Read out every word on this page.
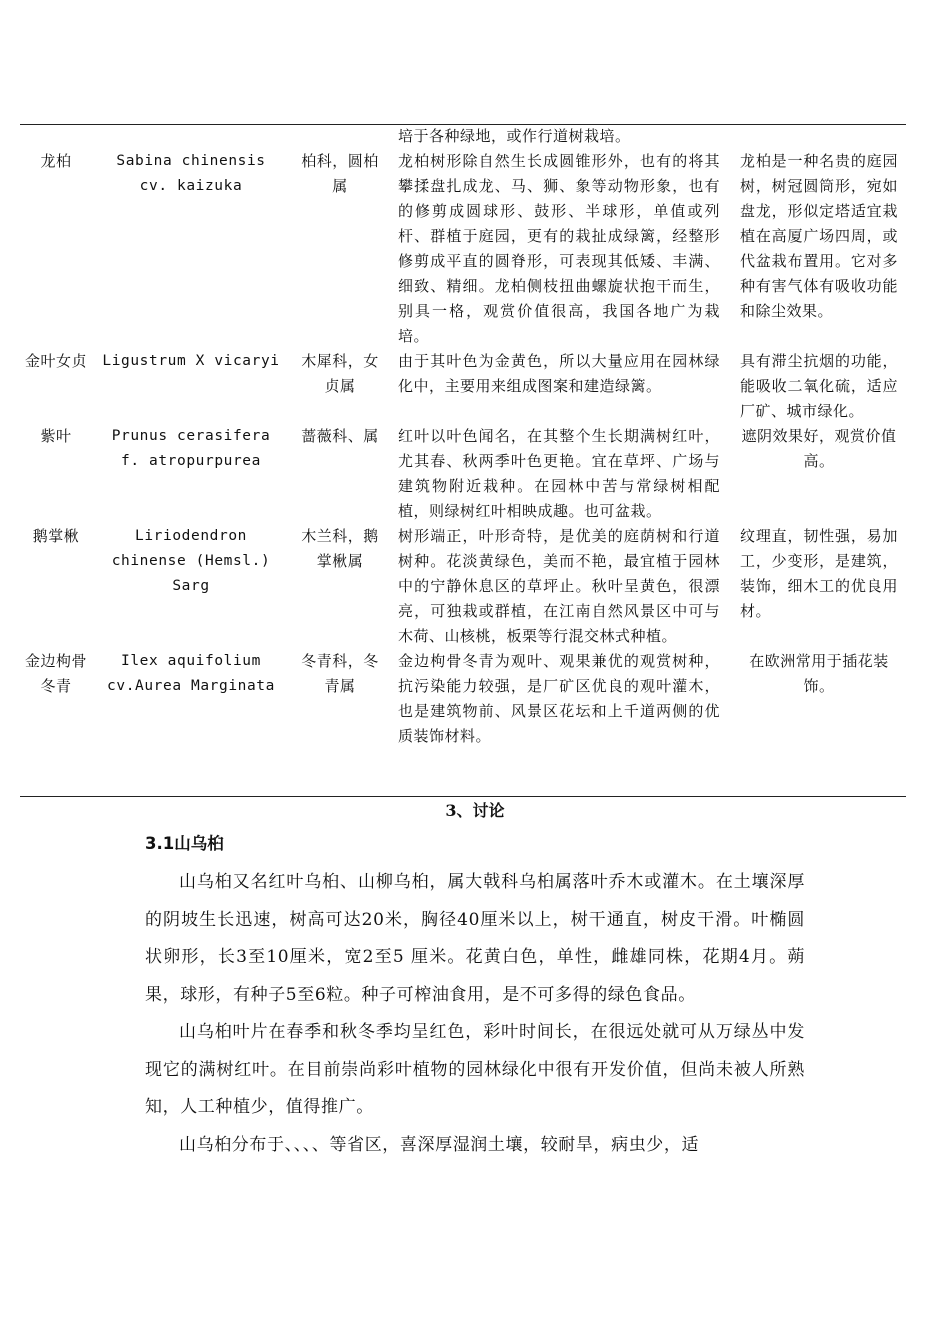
			培于各种绿地，或作行道树栽培。	
龙柏	Sabina chinensis cv. kaizuka	柏科，圆柏属	龙柏树形除自然生长成圆锥形外，也有的将其攀揉盘扎成龙、马、狮、象等动物形象，也有的修剪成圆球形、鼓形、半球形，单值或列杆、群植于庭园，更有的栽扯成绿篱，经整形修剪成平直的圆脊形，可表现其低矮、丰满、细致、精细。龙柏侧枝扭曲螺旋状抱干而生，别具一格，观赏价值很高，我国各地广为栽培。	龙柏是一种名贵的庭园树，树冠圆筒形，宛如盘龙，形似定塔适宜栽植在高厦广场四周，或代盆栽布置用。它对多种有害气体有吸收功能和除尘效果。
金叶女贞	Ligustrum X vicaryi	木犀科，女贞属	由于其叶色为金黄色，所以大量应用在园林绿化中，主要用来组成图案和建造绿篱。	具有滞尘抗烟的功能，能吸收二氧化硫，适应厂矿、城市绿化。
紫叶	Prunus cerasifera f. atropurpurea	蔷薇科、属	红叶以叶色闻名，在其整个生长期满树红叶，尤其春、秋两季叶色更艳。宜在草坪、广场与建筑物附近栽种。在园林中苦与常绿树相配植，则绿树红叶相映成趣。也可盆栽。	遮阴效果好，观赏价值高。
鹅掌楸	Liriodendron chinense (Hemsl.) Sarg	木兰科，鹅掌楸属	树形端正，叶形奇特，是优美的庭荫树和行道树种。花淡黄绿色，美而不艳，最宜植于园林中的宁静休息区的草坪止。秋叶呈黄色，很漂亮，可独栽或群植，在江南自然风景区中可与木荷、山核桃，板栗等行混交林式种植。	纹理直，韧性强，易加工，少变形，是建筑，装饰，细木工的优良用材。
金边枸骨冬青	Ilex aquifolium cv.Aurea Marginata	冬青科，冬青属	金边枸骨冬青为观叶、观果兼优的观赏树种，抗污染能力较强，是厂矿区优良的观叶灌木，也是建筑物前、风景区花坛和上千道两侧的优质装饰材料。	在欧洲常用于插花装饰。
3、讨论
3.1山乌桕

山乌桕又名红叶乌桕、山柳乌桕，属大戟科乌桕属落叶乔木或灌木。在土壤深厚的阴坡生长迅速，树高可达20米，胸径40厘米以上，树干通直，树皮干滑。叶椭圆状卵形，长3至10厘米，宽2至5 厘米。花黄白色，单性，雌雄同株，花期4月。蒴果，球形，有种子5至6粒。种子可榨油食用，是不可多得的绿色食品。

山乌桕叶片在春季和秋冬季均呈红色，彩叶时间长，在很远处就可从万绿丛中发现它的满树红叶。在目前崇尚彩叶植物的园林绿化中很有开发价值，但尚未被人所熟知，人工种植少，值得推广。

山乌桕分布于、、、、等省区，喜深厚湿润土壤，较耐旱，病虫少，适
